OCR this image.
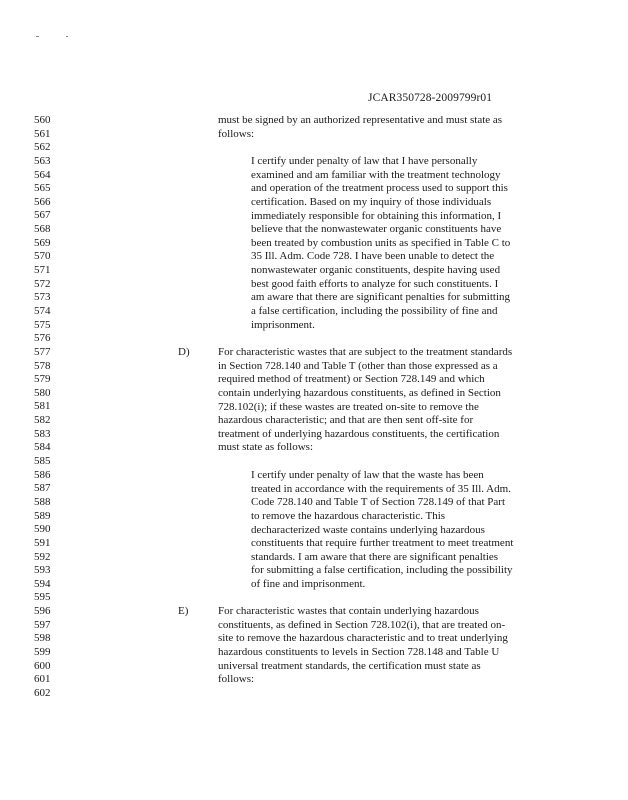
JCAR350728-2009799r01
560
561
562
563
564
565
566
567
568
569
570
571
572
573
574
575
576
577
578
579
580
581
582
583
584
585
586
587
588
589
590
591
592
593
594
595
596
597
598
599
600
601
602
must be signed by an authorized representative and must state as
follows:
I certify under penalty of law that I have personally
examined and am familiar with the treatment technology
and operation of the treatment process used to support this
certification. Based on my inquiry of those individuals
immediately responsible for obtaining this information, I
believe that the nonwastewater organic constituents have
been treated by combustion units as specified in Table C to
35 Ill. Adm. Code 728. I have been unable to detect the
nonwastewater organic constituents, despite having used
best good faith efforts to analyze for such constituents. I
am aware that there are significant penalties for submitting
a false certification, including the possibility of fine and
imprisonment.
D)	For characteristic wastes that are subject to the treatment standards
in Section 728.140 and Table T (other than those expressed as a
required method of treatment) or Section 728.149 and which
contain underlying hazardous constituents, as defined in Section
728.102(i); if these wastes are treated on-site to remove the
hazardous characteristic; and that are then sent off-site for
treatment of underlying hazardous constituents, the certification
must state as follows:
I certify under penalty of law that the waste has been
treated in accordance with the requirements of 35 Ill. Adm.
Code 728.140 and Table T of Section 728.149 of that Part
to remove the hazardous characteristic. This
decharacterized waste contains underlying hazardous
constituents that require further treatment to meet treatment
standards. I am aware that there are significant penalties
for submitting a false certification, including the possibility
of fine and imprisonment.
E)	For characteristic wastes that contain underlying hazardous
constituents, as defined in Section 728.102(i), that are treated on-
site to remove the hazardous characteristic and to treat underlying
hazardous constituents to levels in Section 728.148 and Table U
universal treatment standards, the certification must state as
follows:
